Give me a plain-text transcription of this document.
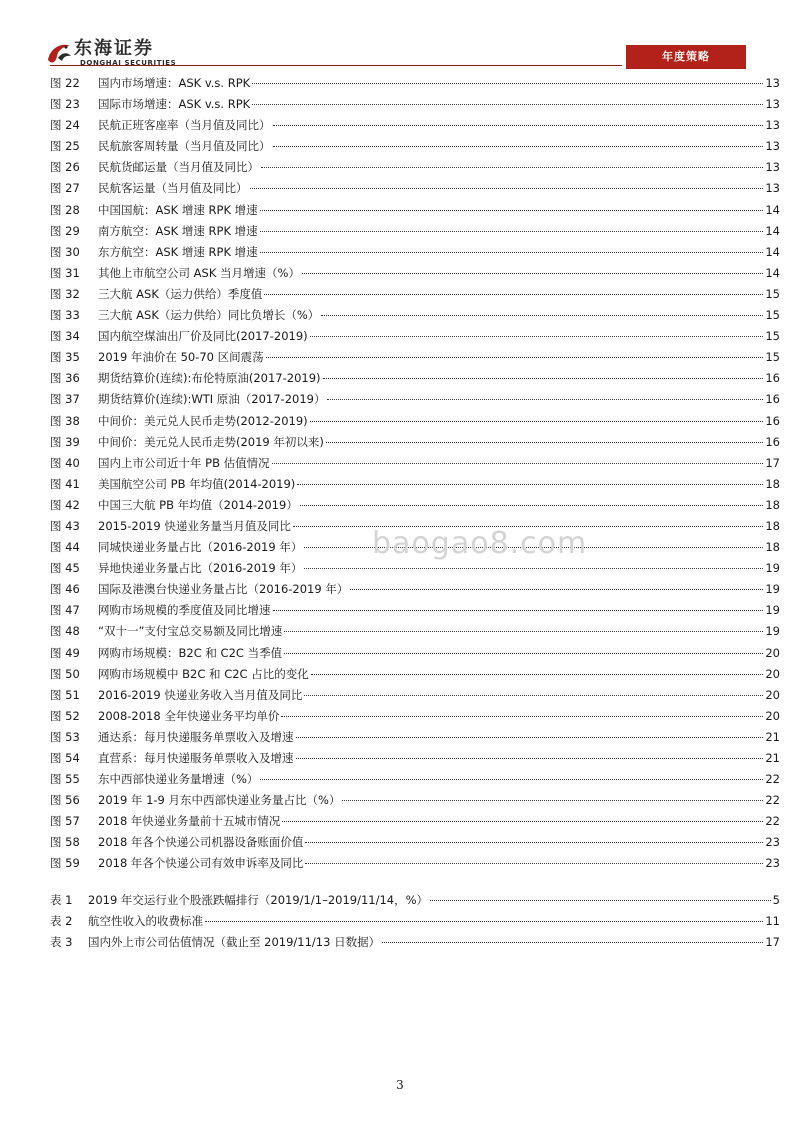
东海证券
DONGHAI SECURITIES	年度策略
图 22	国内市场增速：ASK v.s. RPK	13
图 23	国际市场增速：ASK v.s. RPK	13
图 24	民航正班客座率（当月值及同比）	13
图 25	民航旅客周转量（当月值及同比）	13
图 26	民航货邮运量（当月值及同比）	13
图 27	民航客运量（当月值及同比）	13
图 28	中国国航：ASK 增速 RPK 增速	14
图 29	南方航空：ASK 增速 RPK 增速	14
图 30	东方航空：ASK 增速 RPK 增速	14
图 31	其他上市航空公司 ASK 当月增速（%）	14
图 32	三大航 ASK（运力供给）季度值	15
图 33	三大航 ASK（运力供给）同比负增长（%）	15
图 34	国内航空煤油出厂价及同比(2017-2019)	15
图 35	2019 年油价在 50-70 区间震荡	15
图 36	期货结算价(连续):布伦特原油(2017-2019)	16
图 37	期货结算价(连续):WTI 原油（2017-2019）	16
图 38	中间价：美元兑人民币走势(2012-2019)	16
图 39	中间价：美元兑人民币走势(2019 年初以来)	16
图 40	国内上市公司近十年 PB 估值情况	17
图 41	美国航空公司 PB 年均值(2014-2019)	18
图 42	中国三大航 PB 年均值（2014-2019）	18
图 43	2015-2019 快递业务量当月值及同比	18
图 44	同城快递业务量占比（2016-2019 年）	18
图 45	异地快递业务量占比（2016-2019 年）	19
图 46	国际及港澳台快递业务量占比（2016-2019 年）	19
图 47	网购市场规模的季度值及同比增速	19
图 48	“双十一”支付宝总交易额及同比增速	19
图 49	网购市场规模：B2C 和 C2C 当季值	20
图 50	网购市场规模中 B2C 和 C2C 占比的变化	20
图 51	2016-2019 快递业务收入当月值及同比	20
图 52	2008-2018 全年快递业务平均单价	20
图 53	通达系：每月快递服务单票收入及增速	21
图 54	直营系：每月快递服务单票收入及增速	21
图 55	东中西部快递业务量增速（%）	22
图 56	2019 年 1-9 月东中西部快递业务量占比（%）	22
图 57	2018 年快递业务量前十五城市情况	22
图 58	2018 年各个快递公司机器设备账面价值	23
图 59	2018 年各个快递公司有效申诉率及同比	23
表 1	2019 年交运行业个股涨跌幅排行（2019/1/1–2019/11/14，%）	5
表 2	航空性收入的收费标准	11
表 3	国内外上市公司估值情况（截止至 2019/11/13 日数据）	17
baogao8.com
3
